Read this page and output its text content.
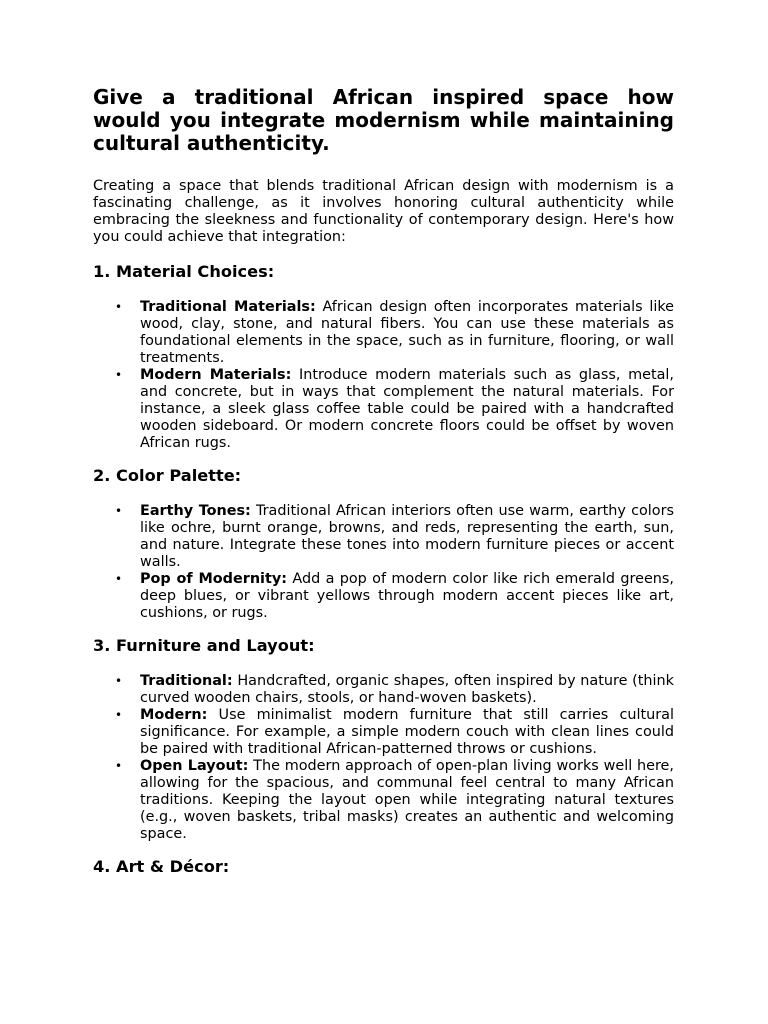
Give a traditional African inspired space how would you integrate modernism while maintaining cultural authenticity.

Creating a space that blends traditional African design with modernism is a fascinating challenge, as it involves honoring cultural authenticity while embracing the sleekness and functionality of contemporary design. Here's how you could achieve that integration:

1. Material Choices:
• Traditional Materials: African design often incorporates materials like wood, clay, stone, and natural fibers. You can use these materials as foundational elements in the space, such as in furniture, flooring, or wall treatments.
• Modern Materials: Introduce modern materials such as glass, metal, and concrete, but in ways that complement the natural materials. For instance, a sleek glass coffee table could be paired with a handcrafted wooden sideboard. Or modern concrete floors could be offset by woven African rugs.
2. Color Palette:
• Earthy Tones: Traditional African interiors often use warm, earthy colors like ochre, burnt orange, browns, and reds, representing the earth, sun, and nature. Integrate these tones into modern furniture pieces or accent walls.
• Pop of Modernity: Add a pop of modern color like rich emerald greens, deep blues, or vibrant yellows through modern accent pieces like art, cushions, or rugs.
3. Furniture and Layout:
• Traditional: Handcrafted, organic shapes, often inspired by nature (think curved wooden chairs, stools, or hand-woven baskets).
• Modern: Use minimalist modern furniture that still carries cultural significance. For example, a simple modern couch with clean lines could be paired with traditional African-patterned throws or cushions.
• Open Layout: The modern approach of open-plan living works well here, allowing for the spacious, and communal feel central to many African traditions. Keeping the layout open while integrating natural textures (e.g., woven baskets, tribal masks) creates an authentic and welcoming space.
4. Art & Décor:
